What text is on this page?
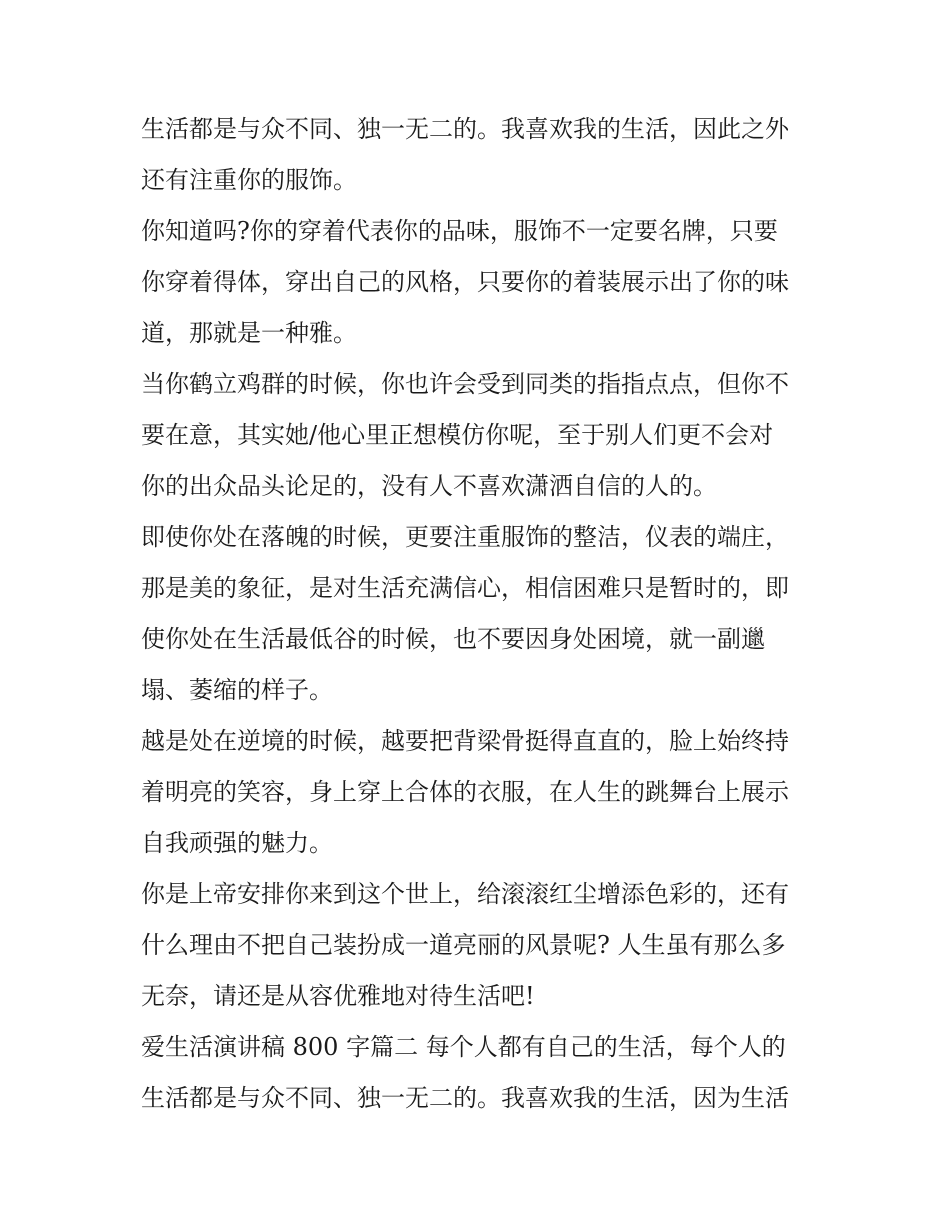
生活都是与众不同、独一无二的。我喜欢我的生活，因此之外
还有注重你的服饰。
你知道吗?你的穿着代表你的品味，服饰不一定要名牌，只要
你穿着得体，穿出自己的风格，只要你的着装展示出了你的味
道，那就是一种雅。
当你鹤立鸡群的时候，你也许会受到同类的指指点点，但你不
要在意，其实她/他心里正想模仿你呢，至于别人们更不会对
你的出众品头论足的，没有人不喜欢潇洒自信的人的。
即使你处在落魄的时候，更要注重服饰的整洁，仪表的端庄，
那是美的象征，是对生活充满信心，相信困难只是暂时的，即
使你处在生活最低谷的时候，也不要因身处困境，就一副邋
塌、萎缩的样子。
越是处在逆境的时候，越要把背梁骨挺得直直的，脸上始终持
着明亮的笑容，身上穿上合体的衣服，在人生的跳舞台上展示
自我顽强的魅力。
你是上帝安排你来到这个世上，给滚滚红尘增添色彩的，还有
什么理由不把自己装扮成一道亮丽的风景呢? 人生虽有那么多
无奈，请还是从容优雅地对待生活吧!
爱生活演讲稿 800 字篇二 每个人都有自己的生活，每个人的
生活都是与众不同、独一无二的。我喜欢我的生活，因为生活
